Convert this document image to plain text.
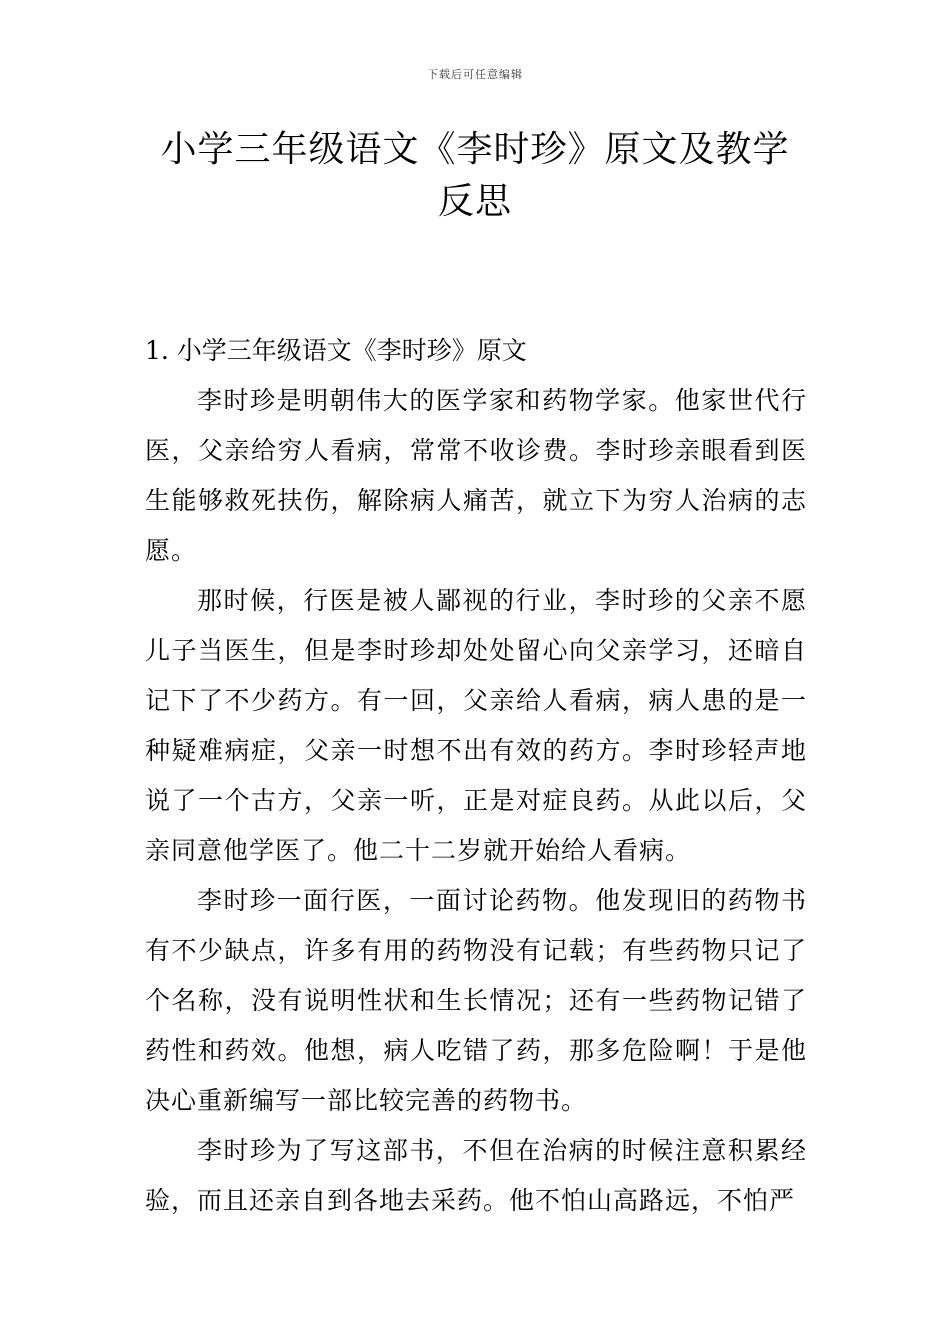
下载后可任意编辑
小学三年级语文《李时珍》原文及教学反思

1. 小学三年级语文《李时珍》原文

李时珍是明朝伟大的医学家和药物学家。他家世代行医，父亲给穷人看病，常常不收诊费。李时珍亲眼看到医生能够救死扶伤，解除病人痛苦，就立下为穷人治病的志愿。

那时候，行医是被人鄙视的行业，李时珍的父亲不愿儿子当医生，但是李时珍却处处留心向父亲学习，还暗自记下了不少药方。有一回，父亲给人看病，病人患的是一种疑难病症，父亲一时想不出有效的药方。李时珍轻声地说了一个古方，父亲一听，正是对症良药。从此以后，父亲同意他学医了。他二十二岁就开始给人看病。

李时珍一面行医，一面讨论药物。他发现旧的药物书有不少缺点，许多有用的药物没有记载；有些药物只记了个名称，没有说明性状和生长情况；还有一些药物记错了药性和药效。他想，病人吃错了药，那多危险啊！于是他决心重新编写一部比较完善的药物书。

李时珍为了写这部书，不但在治病的时候注意积累经验，而且还亲自到各地去采药。他不怕山高路远，不怕严
